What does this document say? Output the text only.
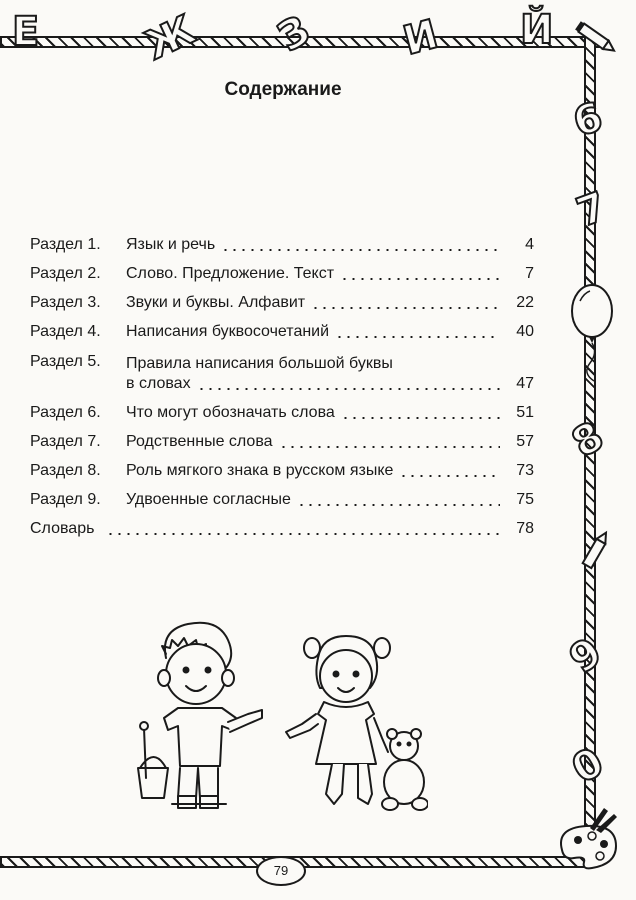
Е Ж З И Й
6
7
8
9
0
Содержание
Раздел 1.	Язык и речь	4
Раздел 2.	Слово. Предложение. Текст	7
Раздел 3.	Звуки и буквы. Алфавит	22
Раздел 4.	Написания буквосочетаний	40
Раздел 5.	Правила написания большой буквы
в словах	47
Раздел 6.	Что могут обозначать слова	51
Раздел 7.	Родственные слова	57
Раздел 8.	Роль мягкого знака в русском языке	73
Раздел 9.	Удвоенные согласные	75
Словарь	78
79
